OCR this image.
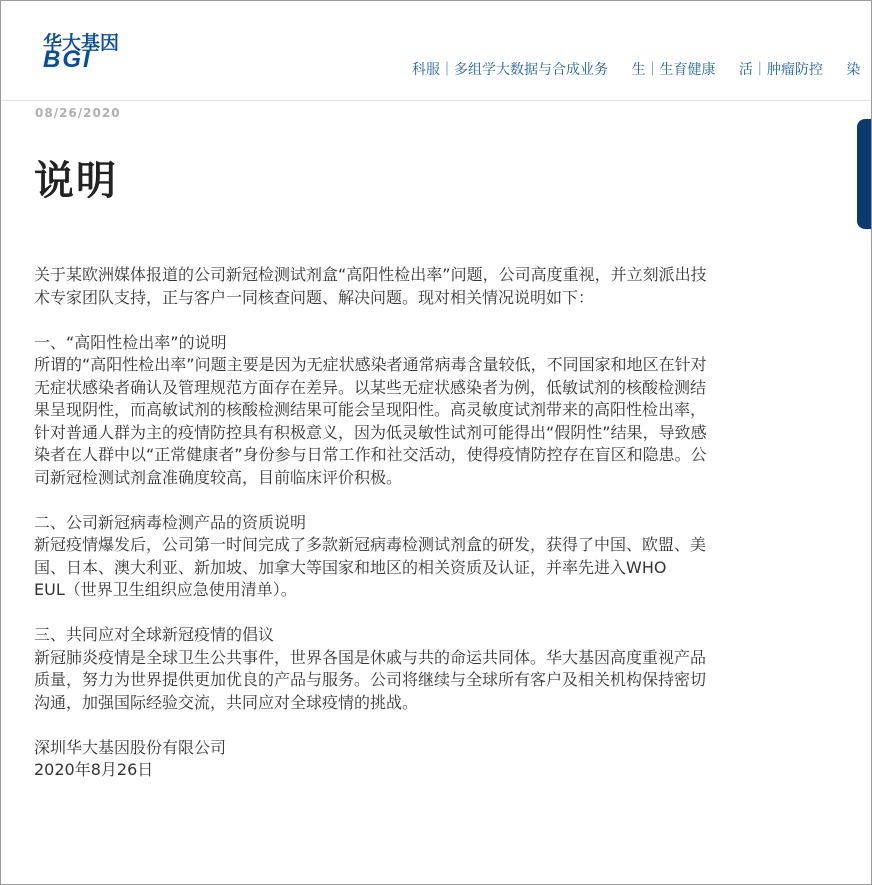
华大基因
BGI	科服｜多组学大数据与合成业务 生｜生育健康 活｜肿瘤防控 染
08/26/2020
说明

关于某欧洲媒体报道的公司新冠检测试剂盒“高阳性检出率”问题，公司高度重视，并立刻派出技
术专家团队支持，正与客户一同核查问题、解决问题。现对相关情况说明如下：

一、“高阳性检出率”的说明
所谓的“高阳性检出率”问题主要是因为无症状感染者通常病毒含量较低，不同国家和地区在针对
无症状感染者确认及管理规范方面存在差异。以某些无症状感染者为例，低敏试剂的核酸检测结
果呈现阴性，而高敏试剂的核酸检测结果可能会呈现阳性。高灵敏度试剂带来的高阳性检出率，
针对普通人群为主的疫情防控具有积极意义，因为低灵敏性试剂可能得出“假阴性”结果，导致感
染者在人群中以“正常健康者”身份参与日常工作和社交活动，使得疫情防控存在盲区和隐患。公
司新冠检测试剂盒准确度较高，目前临床评价积极。

二、公司新冠病毒检测产品的资质说明
新冠疫情爆发后，公司第一时间完成了多款新冠病毒检测试剂盒的研发，获得了中国、欧盟、美
国、日本、澳大利亚、新加坡、加拿大等国家和地区的相关资质及认证，并率先进入WHO
EUL（世界卫生组织应急使用清单）。

三、共同应对全球新冠疫情的倡议
新冠肺炎疫情是全球卫生公共事件，世界各国是休戚与共的命运共同体。华大基因高度重视产品
质量，努力为世界提供更加优良的产品与服务。公司将继续与全球所有客户及相关机构保持密切
沟通，加强国际经验交流，共同应对全球疫情的挑战。

深圳华大基因股份有限公司
2020年8月26日
